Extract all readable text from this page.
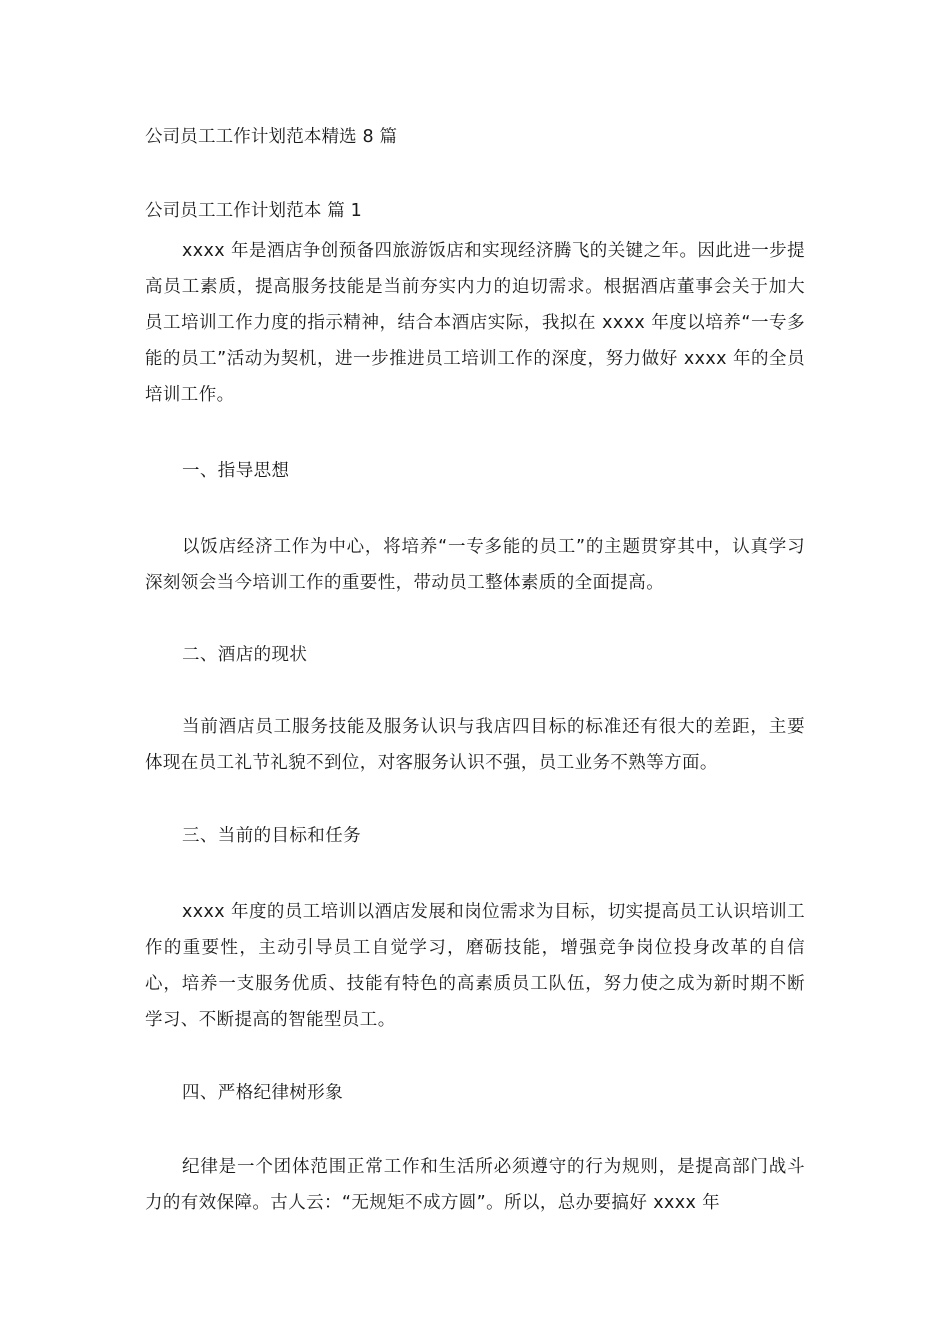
公司员工工作计划范本精选 8 篇
公司员工工作计划范本 篇 1
xxxx 年是酒店争创预备四旅游饭店和实现经济腾飞的关键之年。因此进一步提高员工素质，提高服务技能是当前夯实内力的迫切需求。根据酒店董事会关于加大员工培训工作力度的指示精神，结合本酒店实际，我拟在 xxxx 年度以培养“一专多能的员工”活动为契机，进一步推进员工培训工作的深度，努力做好 xxxx 年的全员培训工作。
一、指导思想
以饭店经济工作为中心，将培养“一专多能的员工”的主题贯穿其中，认真学习深刻领会当今培训工作的重要性，带动员工整体素质的全面提高。
二、酒店的现状
当前酒店员工服务技能及服务认识与我店四目标的标准还有很大的差距，主要体现在员工礼节礼貌不到位，对客服务认识不强，员工业务不熟等方面。
三、当前的目标和任务
xxxx 年度的员工培训以酒店发展和岗位需求为目标，切实提高员工认识培训工作的重要性，主动引导员工自觉学习，磨砺技能，增强竞争岗位投身改革的自信心，培养一支服务优质、技能有特色的高素质员工队伍，努力使之成为新时期不断学习、不断提高的智能型员工。
四、严格纪律树形象
纪律是一个团体范围正常工作和生活所必须遵守的行为规则，是提高部门战斗力的有效保障。古人云：“无规矩不成方圆”。所以，总办要搞好 xxxx 年
